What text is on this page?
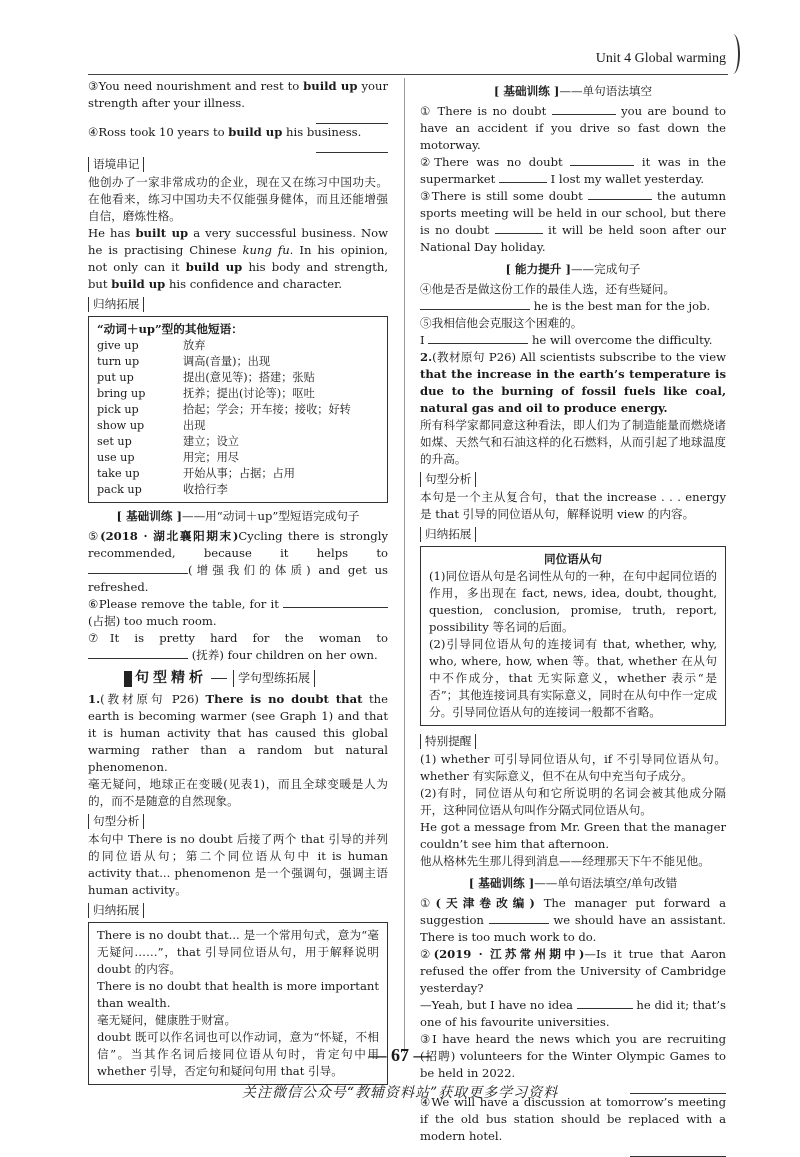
Unit 4 Global warming

③You need nourishment and rest to build up your strength after your illness.

④Ross took 10 years to build up his business.

语境串记

他创办了一家非常成功的企业，现在又在练习中国功夫。在他看来，练习中国功夫不仅能强身健体，而且还能增强自信，磨炼性格。

He has built up a very successful business. Now he is practising Chinese kung fu. In his opinion, not only can it build up his body and strength, but build up his confidence and character.

归纳拓展

“动词＋up”型的其他短语：

give up	放弃
turn up	调高(音量)；出现
put up	提出(意见等)；搭建；张贴
bring up	抚养；提出(讨论等)；呕吐
pick up	拾起；学会；开车接；接收；好转
show up	出现
set up	建立；设立
use up	用完；用尽
take up	开始从事；占据；占用
pack up	收拾行李
[ 基础训练 ]——用“动词＋up”型短语完成句子

⑤(2018 · 湖北襄阳期末)Cycling there is strongly recommended, because it helps to (增强我们的体质) and get us refreshed.

⑥Please remove the table, for it  (占据) too much room.

⑦It is pretty hard for the woman to  (抚养) four children on her own.

句型精析	学句型练拓展

1.(教材原句 P26) There is no doubt that the earth is becoming warmer (see Graph 1) and that it is human activity that has caused this global warming rather than a random but natural phenomenon.

毫无疑问，地球正在变暖(见表1)，而且全球变暖是人为的，而不是随意的自然现象。

句型分析

本句中 There is no doubt 后接了两个 that 引导的并列的同位语从句；第二个同位语从句中 it is human activity that... phenomenon 是一个强调句，强调主语 human activity。

归纳拓展

There is no doubt that... 是一个常用句式，意为“毫无疑问……”，that 引导同位语从句，用于解释说明 doubt 的内容。

There is no doubt that health is more important than wealth.

毫无疑问，健康胜于财富。

doubt 既可以作名词也可以作动词，意为“怀疑，不相信”。当其作名词后接同位语从句时，肯定句中用 whether 引导，否定句和疑问句用 that 引导。

[ 基础训练 ]——单句语法填空

① There is no doubt	you are bound to have an accident if you drive so fast down the motorway.

②There was no doubt	it was in the supermarket	I lost my wallet yesterday.

③There is still some doubt	the autumn sports meeting will be held in our school, but there is no doubt	it will be held soon after our National Day holiday.

[ 能力提升 ]——完成句子

④他是否是做这份工作的最佳人选，还有些疑问。

he is the best man for the job.

⑤我相信他会克服这个困难的。

I	he will overcome the difficulty.

2.(教材原句 P26) All scientists subscribe to the view that the increase in the earth’s temperature is due to the burning of fossil fuels like coal, natural gas and oil to produce energy.

所有科学家都同意这种看法，即人们为了制造能量而燃烧诸如煤、天然气和石油这样的化石燃料，从而引起了地球温度的升高。

句型分析

本句是一个主从复合句，that the increase . . . energy 是 that 引导的同位语从句，解释说明 view 的内容。

归纳拓展

同位语从句

(1)同位语从句是名词性从句的一种，在句中起同位语的作用，多出现在 fact, news, idea, doubt, thought, question, conclusion, promise, truth, report, possibility 等名词的后面。

(2)引导同位语从句的连接词有 that, whether, why, who, where, how, when 等。that, whether 在从句中不作成分，that 无实际意义，whether 表示“是否”；其他连接词具有实际意义，同时在从句中作一定成分。引导同位语从句的连接词一般都不省略。

特别提醒

(1) whether 可引导同位语从句，if 不引导同位语从句。whether 有实际意义，但不在从句中充当句子成分。

(2)有时，同位语从句和它所说明的名词会被其他成分隔开，这种同位语从句叫作分隔式同位语从句。

He got a message from Mr. Green that the manager couldn’t see him that afternoon.

他从格林先生那儿得到消息——经理那天下午不能见他。

[ 基础训练 ]——单句语法填空/单句改错

①(天津卷改编) The manager put forward a suggestion	we should have an assistant. There is too much work to do.

②(2019 · 江苏常州期中)—Is it true that Aaron refused the offer from the University of Cambridge yesterday?

—Yeah, but I have no idea	he did it; that’s one of his favourite universities.

③I have heard the news which you are recruiting (招聘) volunteers for the Winter Olympic Games to be held in 2022.

④We will have a discussion at tomorrow’s meeting if the old bus station should be replaced with a modern hotel.

— 67 —
关注微信公众号“教辅资料站”获取更多学习资料
